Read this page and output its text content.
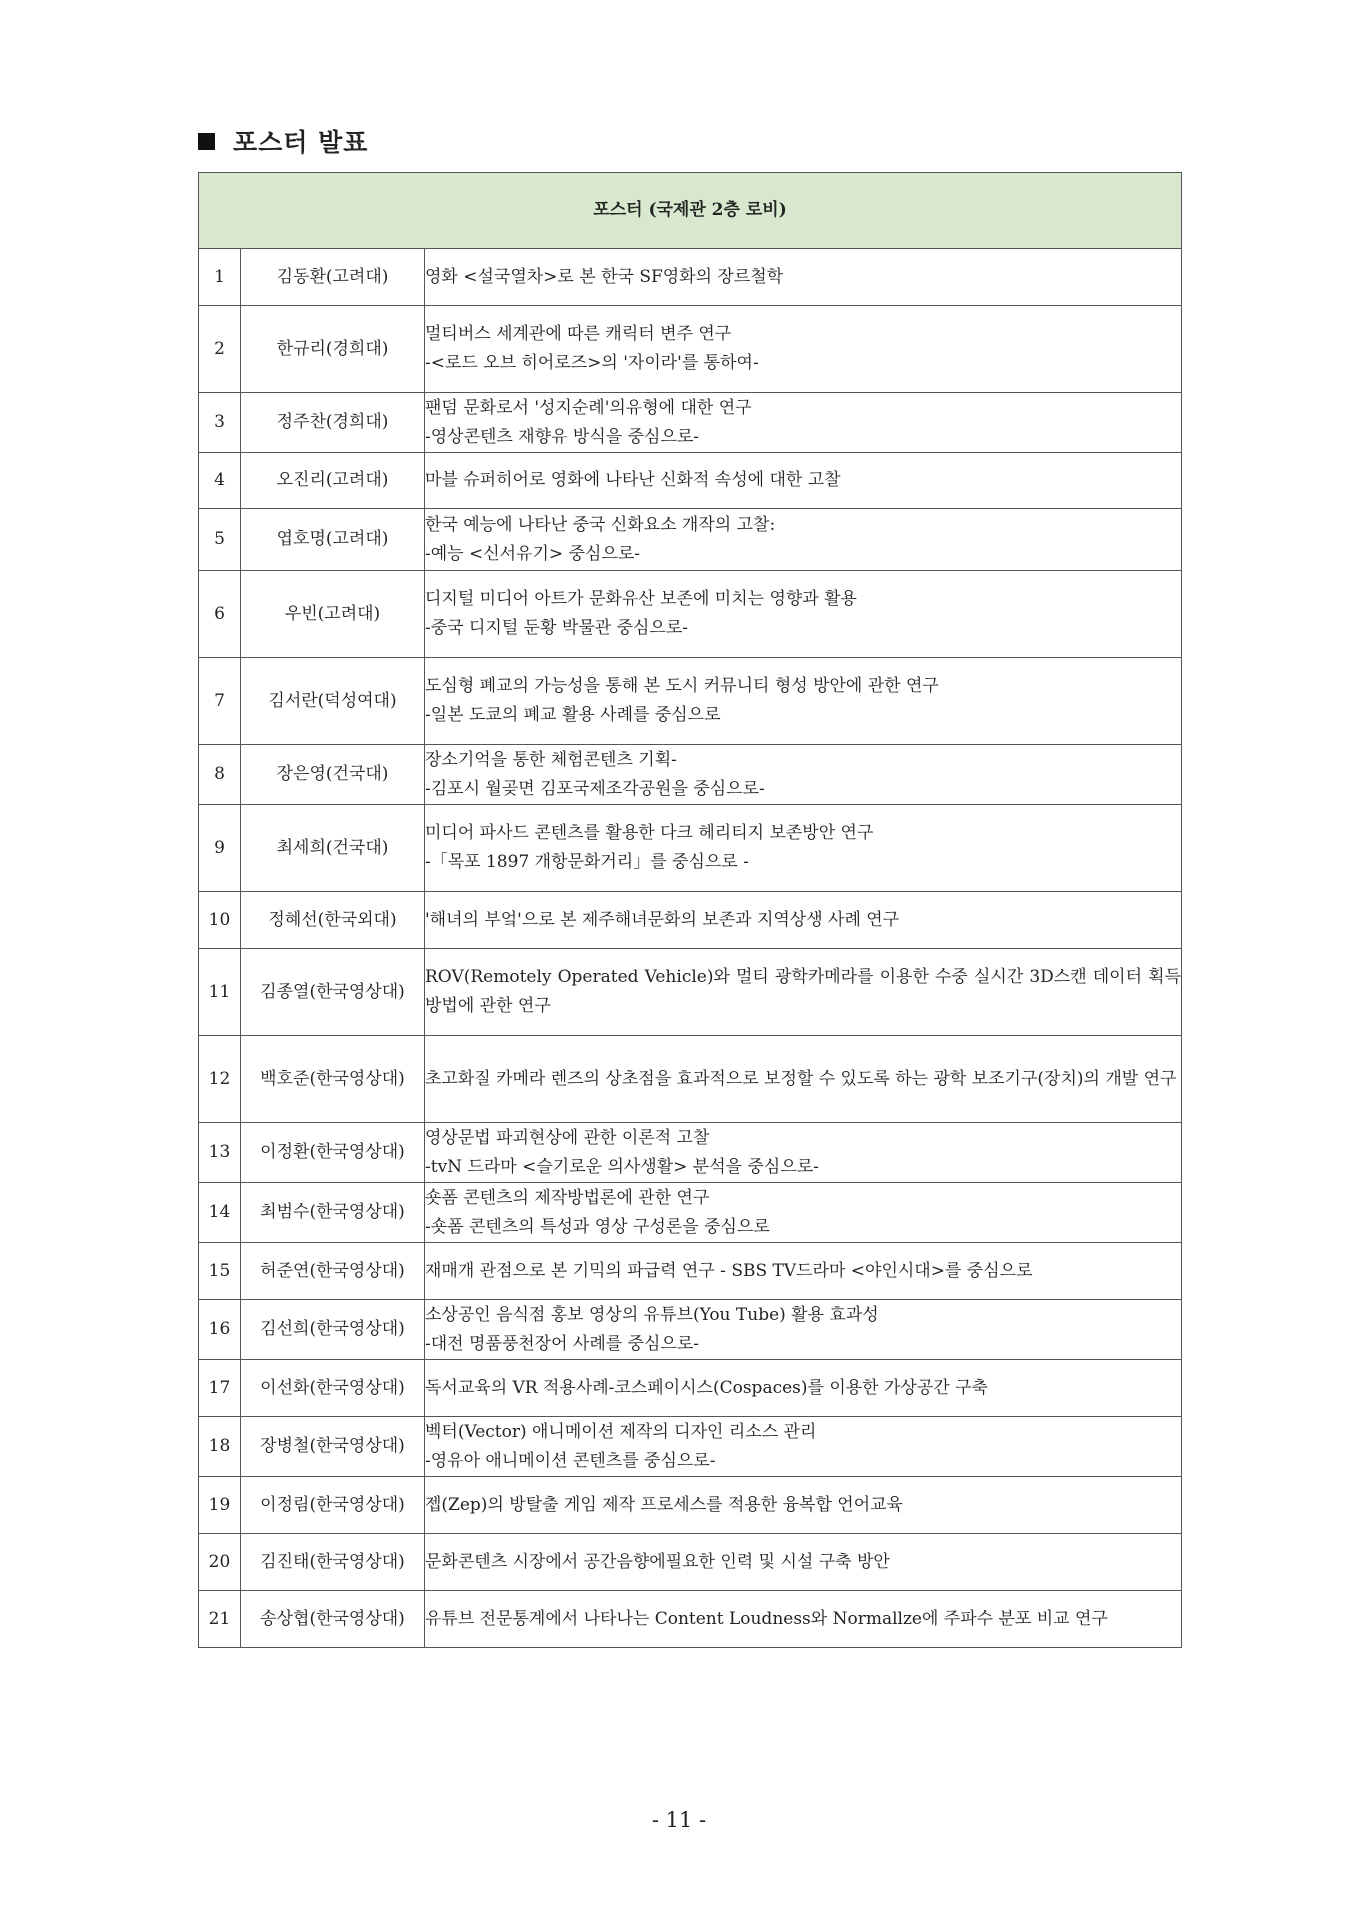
포스터 발표
포스터 (국제관 2층 로비)		
1	김동환(고려대)	영화 <설국열차>로 본 한국 SF영화의 장르철학

2	한규리(경희대)	멀티버스 세계관에 따른 캐릭터 변주 연구
-<로드 오브 히어로즈>의 '자이라'를 통하여-

3	정주찬(경희대)	팬덤 문화로서 '성지순례'의유형에 대한 연구
-영상콘텐츠 재향유 방식을 중심으로-

4	오진리(고려대)	마블 슈퍼히어로 영화에 나타난 신화적 속성에 대한 고찰

5	엽호명(고려대)	한국 예능에 나타난 중국 신화요소 개작의 고찰:
-예능 <신서유기> 중심으로-

6	우빈(고려대)	디지털 미디어 아트가 문화유산 보존에 미치는 영향과 활용
-중국 디지털 둔황 박물관 중심으로-

7	김서란(덕성여대)	도심형 폐교의 가능성을 통해 본 도시 커뮤니티 형성 방안에 관한 연구
-일본 도쿄의 폐교 활용 사례를 중심으로

8	장은영(건국대)	장소기억을 통한 체험콘텐츠 기획-
-김포시 월곶면 김포국제조각공원을 중심으로-

9	최세희(건국대)	미디어 파사드 콘텐츠를 활용한 다크 헤리티지 보존방안 연구
-「목포 1897 개항문화거리」를 중심으로 -

10	정혜선(한국외대)	'해녀의 부엌'으로 본 제주해녀문화의 보존과 지역상생 사례 연구

11	김종열(한국영상대)	ROV(Remotely Operated Vehicle)와 멀티 광학카메라를 이용한 수중 실시간 3D스캔 데이터 획득 방법에 관한 연구

12	백호준(한국영상대)	초고화질 카메라 렌즈의 상초점을 효과적으로 보정할 수 있도록 하는 광학 보조기구(장치)의 개발 연구

13	이정환(한국영상대)	영상문법 파괴현상에 관한 이론적 고찰
-tvN 드라마 <슬기로운 의사생활> 분석을 중심으로-

14	최범수(한국영상대)	숏폼 콘텐츠의 제작방법론에 관한 연구
-숏폼 콘텐츠의 특성과 영상 구성론을 중심으로

15	허준연(한국영상대)	재매개 관점으로 본 기믹의 파급력 연구 - SBS TV드라마 <야인시대>를 중심으로

16	김선희(한국영상대)	소상공인 음식점 홍보 영상의 유튜브(You Tube) 활용 효과성
-대전 명품풍천장어 사례를 중심으로-

17	이선화(한국영상대)	독서교육의 VR 적용사례-코스페이시스(Cospaces)를 이용한 가상공간 구축

18	장병철(한국영상대)	벡터(Vector) 애니메이션 제작의 디자인 리소스 관리
-영유아 애니메이션 콘텐츠를 중심으로-

19	이정림(한국영상대)	젭(Zep)의 방탈출 게임 제작 프로세스를 적용한 융복합 언어교육

20	김진태(한국영상대)	문화콘텐츠 시장에서 공간음향에필요한 인력 및 시설 구축 방안

21	송상협(한국영상대)	유튜브 전문통계에서 나타나는 Content Loudness와 Normallze에 주파수 분포 비교 연구
- 11 -
